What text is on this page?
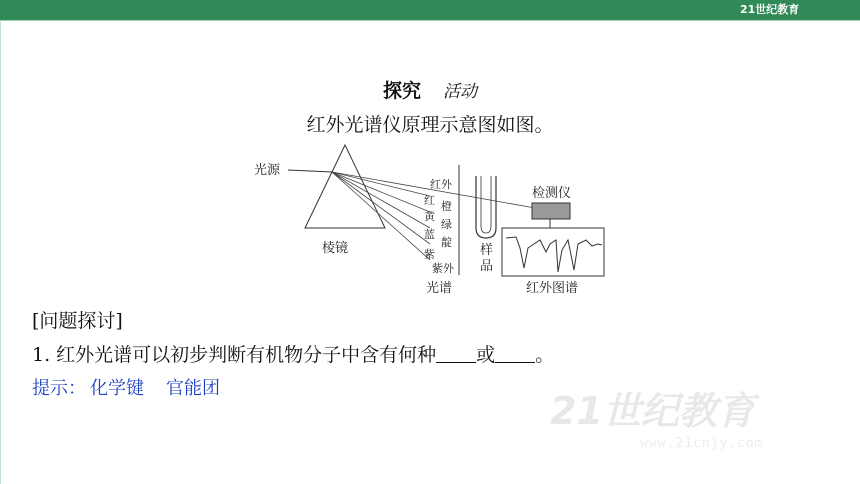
21世纪教育
探究 活动
红外光谱仪原理示意图如图。
光源
棱镜
红外
红 橙
黄
绿
蓝
靛
紫
紫外
光谱
样
品
检测仪
红外图谱
[问题探讨]
1. 红外光谱可以初步判断有机物分子中含有何种 或 。
提示： 化学键 官能团
21世纪教育
www.21cnjy.com
